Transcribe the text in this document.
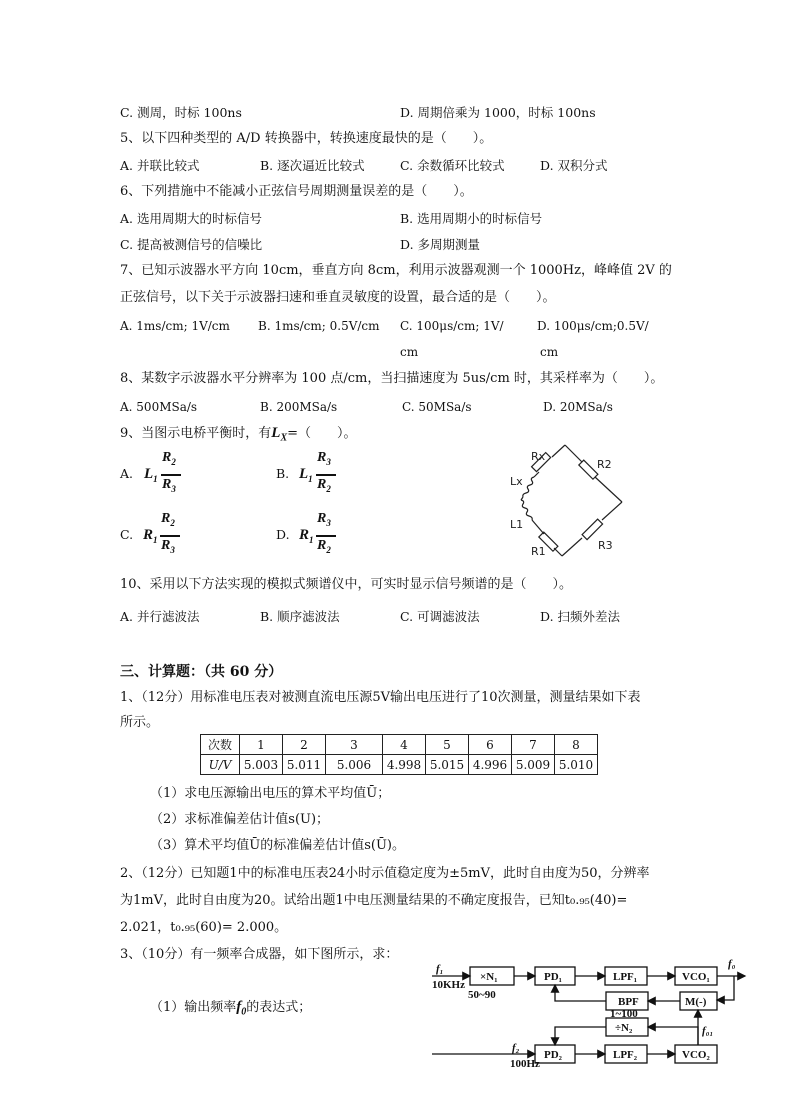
C. 测周，时标 100ns	D. 周期倍乘为 1000，时标 100ns
5、以下四种类型的 A/D 转换器中，转换速度最快的是（　　）。
A. 并联比较式	B. 逐次逼近比较式	C. 余数循环比较式	D. 双积分式
6、下列措施中不能减小正弦信号周期测量误差的是（　　）。
A. 选用周期大的时标信号	B. 选用周期小的时标信号
C. 提高被测信号的信噪比	D. 多周期测量
7、已知示波器水平方向 10cm，垂直方向 8cm，利用示波器观测一个 1000Hz，峰峰值 2V 的
正弦信号，以下关于示波器扫速和垂直灵敏度的设置，最合适的是（　　）。
A. 1ms/cm; 1V/cm B. 1ms/cm; 0.5V/cm C. 100μs/cm; 1V/
cm
D. 100μs/cm;0.5V/
cm
8、某数字示波器水平分辨率为 100 点/cm，当扫描速度为 5us/cm 时，其采样率为（　　）。
A. 500MSa/s	B. 200MSa/s	C. 50MSa/s	D. 20MSa/s
9、当图示电桥平衡时，有$L_X=$（　　）。
A. $L_1$
$R_2$
$R_3$
B. $L_1$
$R_3$
$R_2$
C. $R_1$
$R_2$
$R_3$
D. $R_1$
$R_3$
$R_2$
Rx
R2
Lx
L1
R1	R3
10、采用以下方法实现的模拟式频谱仪中，可实时显示信号频谱的是（　　）。
A. 并行滤波法	B. 顺序滤波法	C. 可调滤波法	D. 扫频外差法
三、计算题：（共 60 分）
1、（12分）用标准电压表对被测直流电压源5V输出电压进行了10次测量，测量结果如下表
所示。
次数	1	2	3	4	5	6	7	8
U/V	5.003	5.011	5.006	4.998	5.015	4.996	5.009	5.010
（1）求电压源输出电压的算术平均值Ū；
（2）求标准偏差估计值s(U)；
（3）算术平均值Ū的标准偏差估计值s(Ū)。
2、（12分）已知题1中的标准电压表24小时示值稳定度为±5mV，此时自由度为50，分辨率
为1mV，此时自由度为20。试给出题1中电压测量结果的不确定度报告，已知t₀.₉₅(40)=
2.021，t₀.₉₅(60)= 2.000。
3、（10分）有一频率合成器，如下图所示，求：
（1）输出频率$f_0$的表达式；
f₁
10KHz
×N₁
50~90
PD₁	LPF₁	VCO₁
f₀
BPF	M(-)
1~100
÷N₂	f₀₁
f₂
100Hz
PD₂	LPF₂	VCO₂
